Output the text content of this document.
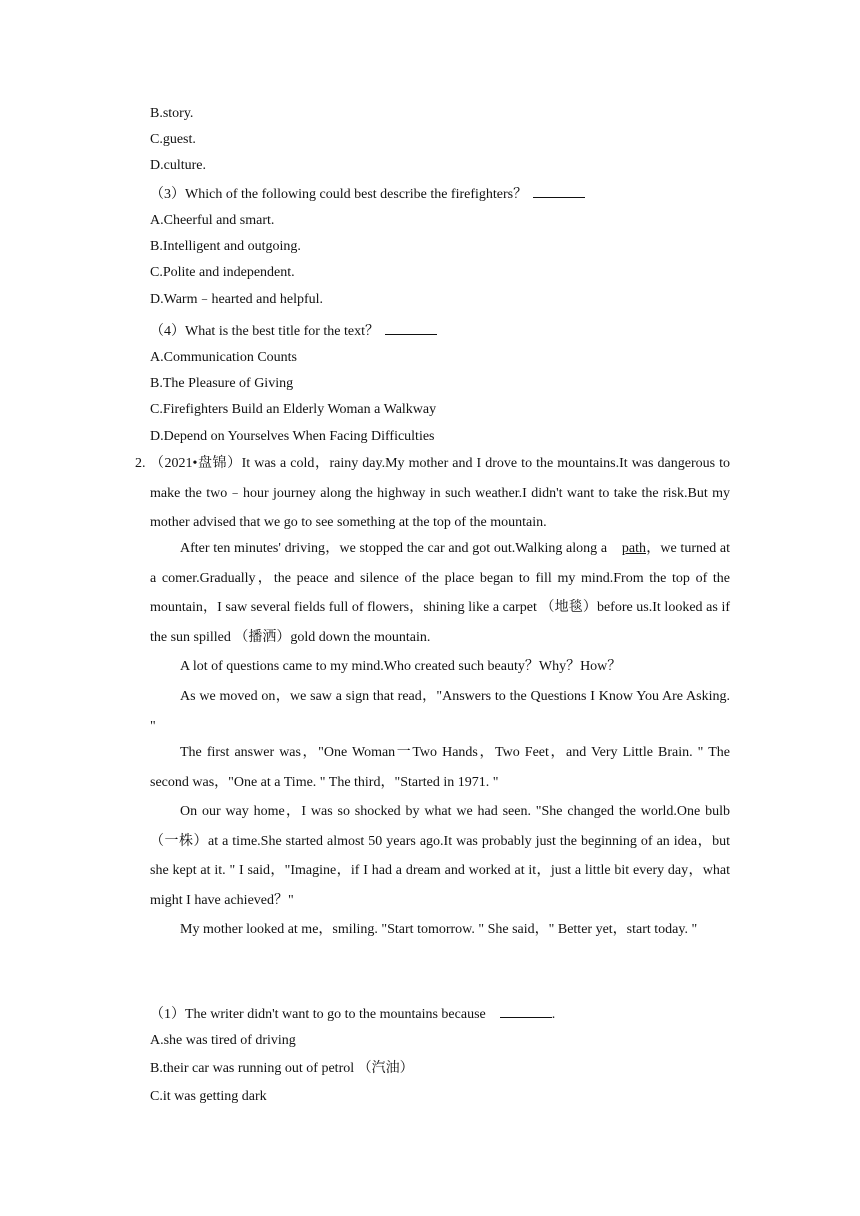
B.story.
C.guest.
D.culture.
（3）Which of the following could best describe the firefighters？
A.Cheerful and smart.
B.Intelligent and outgoing.
C.Polite and independent.
D.Warm﹣hearted and helpful.
（4）What is the best title for the text？
A.Communication Counts
B.The Pleasure of Giving
C.Firefighters Build an Elderly Woman a Walkway
D.Depend on Yourselves When Facing Difficulties
2. （2021•盘锦）It was a cold，rainy day.My mother and I drove to the mountains.It was dangerous to make the two﹣hour journey along the highway in such weather.I didn't want to take the risk.But my mother advised that we go to see something at the top of the mountain.
After ten minutes' driving，we stopped the car and got out.Walking along a path，we turned at a comer.Gradually，the peace and silence of the place began to fill my mind.From the top of the mountain，I saw several fields full of flowers，shining like a carpet （地毯）before us.It looked as if the sun spilled （播洒）gold down the mountain.
A lot of questions came to my mind.Who created such beauty？Why？How？
As we moved on，we saw a sign that read，"Answers to the Questions I Know You Are Asking. "
The first answer was，"One Woman一Two Hands，Two Feet，and Very Little Brain. " The second was，"One at a Time. " The third，"Started in 1971. "
On our way home，I was so shocked by what we had seen. "She changed the world.One bulb （一株）at a time.She started almost 50 years ago.It was probably just the beginning of an idea，but she kept at it. " I said，"Imagine，if I had a dream and worked at it，just a little bit every day，what might I have achieved？"
My mother looked at me，smiling. "Start tomorrow. " She said，" Better yet，start today. "
（1）The writer didn't want to go to the mountains because	.
A.she was tired of driving
B.their car was running out of petrol （汽油）
C.it was getting dark
